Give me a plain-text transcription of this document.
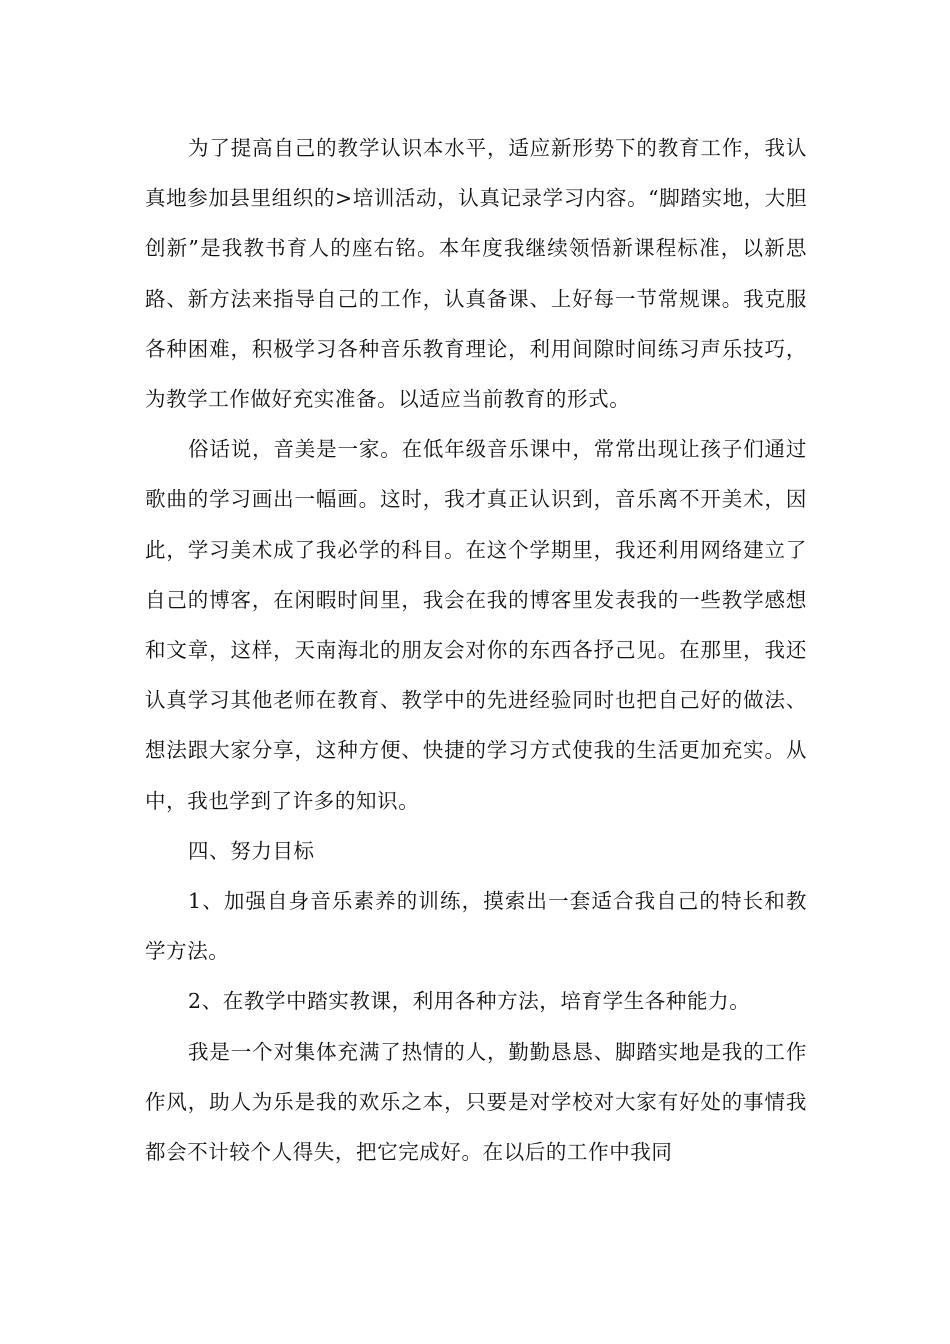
为了提高自己的教学认识本水平，适应新形势下的教育工作，我认真地参加县里组织的>培训活动，认真记录学习内容。“脚踏实地，大胆创新”是我教书育人的座右铭。本年度我继续领悟新课程标准，以新思路、新方法来指导自己的工作，认真备课、上好每一节常规课。我克服各种困难，积极学习各种音乐教育理论，利用间隙时间练习声乐技巧，为教学工作做好充实准备。以适应当前教育的形式。

俗话说，音美是一家。在低年级音乐课中，常常出现让孩子们通过歌曲的学习画出一幅画。这时，我才真正认识到，音乐离不开美术，因此，学习美术成了我必学的科目。在这个学期里，我还利用网络建立了自己的博客，在闲暇时间里，我会在我的博客里发表我的一些教学感想和文章，这样，天南海北的朋友会对你的东西各抒己见。在那里，我还认真学习其他老师在教育、教学中的先进经验同时也把自己好的做法、想法跟大家分享，这种方便、快捷的学习方式使我的生活更加充实。从中，我也学到了许多的知识。

四、努力目标

1、加强自身音乐素养的训练，摸索出一套适合我自己的特长和教学方法。

2、在教学中踏实教课，利用各种方法，培育学生各种能力。

我是一个对集体充满了热情的人，勤勤恳恳、脚踏实地是我的工作作风，助人为乐是我的欢乐之本，只要是对学校对大家有好处的事情我都会不计较个人得失，把它完成好。在以后的工作中我同
